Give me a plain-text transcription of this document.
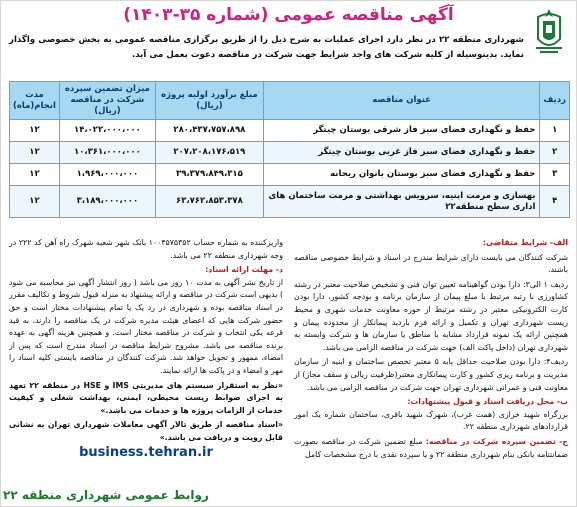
آگهی مناقصه عمومی (شماره ۳۵-۱۴۰۳)
شهرداری منطقه ۲۲ در نظر دارد اجرای عملیات به شرح ذیل را از طریق برگزاری مناقصه عمومی به بخش خصوصی واگذار نماید. بدینوسیله از کلیه شرکت های واجد شرایط جهت شرکت در مناقصه دعوت بعمل می آید.
ردیف	عنوان مناقصه	مبلغ برآورد اولیه پروژه (ریال)	میزان تضمین سپرده شرکت در مناقصه (ریال)	مدت انجام(ماه)
۱	حفظ و نگهداری فضای سبز فاز شرقی بوستان چیتگر	۲۸۰،۴۳۷،۷۵۷،۸۹۸	۱۴،۰۲۲،۰۰۰،۰۰۰	۱۲
۲	حفظ و نگهداری فضای سبز فاز غربی بوستان چیتگر	۲۰۷،۲۰۸،۱۷۶،۵۱۹	۱۰،۳۶۱،۰۰۰،۰۰۰	۱۲
۳	حفظ و نگهداری فضای سبز بوستان بانوان ریحانه	۳۹،۳۷۹،۸۴۹،۳۱۵	۱،۹۶۹،۰۰۰،۰۰۰	۱۲
۴	بهسازی و مرمت ابنیه، سرویس بهداشتی و مرمت ساختمان های اداری سطح منطقه۲۲	۶۳،۷۶۲،۸۵۳،۳۷۸	۳،۱۸۹،۰۰۰،۰۰۰	۱۲
الف- شرایط متقاضی:
شرکت کنندگان می بایست دارای شرایط مندرج در اسناد و شرایط خصوصی مناقصه باشند.
ردیف ۱ الی۳: دارا بودن گواهینامه تعیین توان فنی و تشخیص صلاحیت معتبر در رشته کشاورزی با رتبه مرتبط با مبلغ پیمان از سازمان برنامه و بودجه کشور، دارا بودن کارت الکترونیکی معتبر در رشته مرتبط از حوزه معاونت خدمات شهری و محیط زیست شهرداری تهران و تکمیل و ارائه فرم بازدید پیمانکار از محدوده پیمان و همچنین ارائه یک نمونه قرارداد مشابه با مناطق یا سازمان ها و شرکت وابسته به شهرداری تهران (داخل پاکت الف) جهت شرکت در مناقصه الزامی می باشد.
ردیف۴: دارا بودن صلاحیت حداقل پایه ۵ معتبر تخصص ساختمان و ابنیه از سازمان مدیریت و برنامه ریزی کشور و کارت پیمانکاری معتبر(ظرفیت ریالی و سقف مجاز) از معاونت فنی و عمرانی شهرداری تهران جهت شرکت در مناقصه الزامی می باشد.
ب- محل دریافت اسناد و قبول پیشنهادات:
بزرگراه شهید خرازی (همت غرب)، شهرک شهید باقری، ساختمان شماره یک امور قراردادهای شهرداری منطقه ۲۲.
ج- تضمین سپرده شرکت در مناقصه: مبلغ تضمین شرکت در مناقصه بصورت ضمانتنامه بانکی بنام شهرداری منطقه ۲۲ و یا سپرده نقدی با درج مشخصات کامل
واریزکننده به شماره حساب ۱۰۰۴۵۷۵۳۵۲ بانک شهر شعبه شهرک راه آهن کد ۲۲۲ در وجه شهرداری منطقه ۲۲ می باشد.
د- مهلت ارائه اسناد:
از تاریخ نشر آگهی به مدت ۱۰ روز می باشد ( روز انتشار آگهی نیز محاسبه می شود ) بدیهی است شرکت در مناقصه و ارائه پیشنهاد به منزله قبول شروط و تکالیف مقرر در اسناد مناقصه بوده و شهرداری در رد یک یا تمام پیشنهادات مختار است و حق حضور شرکت هایی که اعضای هیئت مدیره شرکت در یک مناقصه را دارند، به قید قرعه یکی انتخاب و شرکت در مناقصه مختار است. و همچنین هزینه آگهی به عهده برنده مناقصه می باشد. مشروح شرایط مناقصه در اسناد مندرج است که پس از امضاء، ممهور و تحویل خواهد شد. شرکت کنندگان در مناقصه بایستی کلیه اسناد را مهر و امضاء و در پاکت ها ارائه نمایند.
«نظر به استقرار سیستم های مدیریتی IMS و HSE در منطقه ۲۲ تعهد به اجرای ضوابط زیست محیطی، ایمنی، بهداشت شغلی و کیفیت خدمات از الزامات پروژه ها و خدمات می باشد.»
«اسناد مناقصه از طریق تالار آگهی معاملات شهرداری تهران به نشانی قابل رویت و دریافت می باشد.»
business.tehran.ir
روابط عمومی شهرداری منطقه ۲۲
